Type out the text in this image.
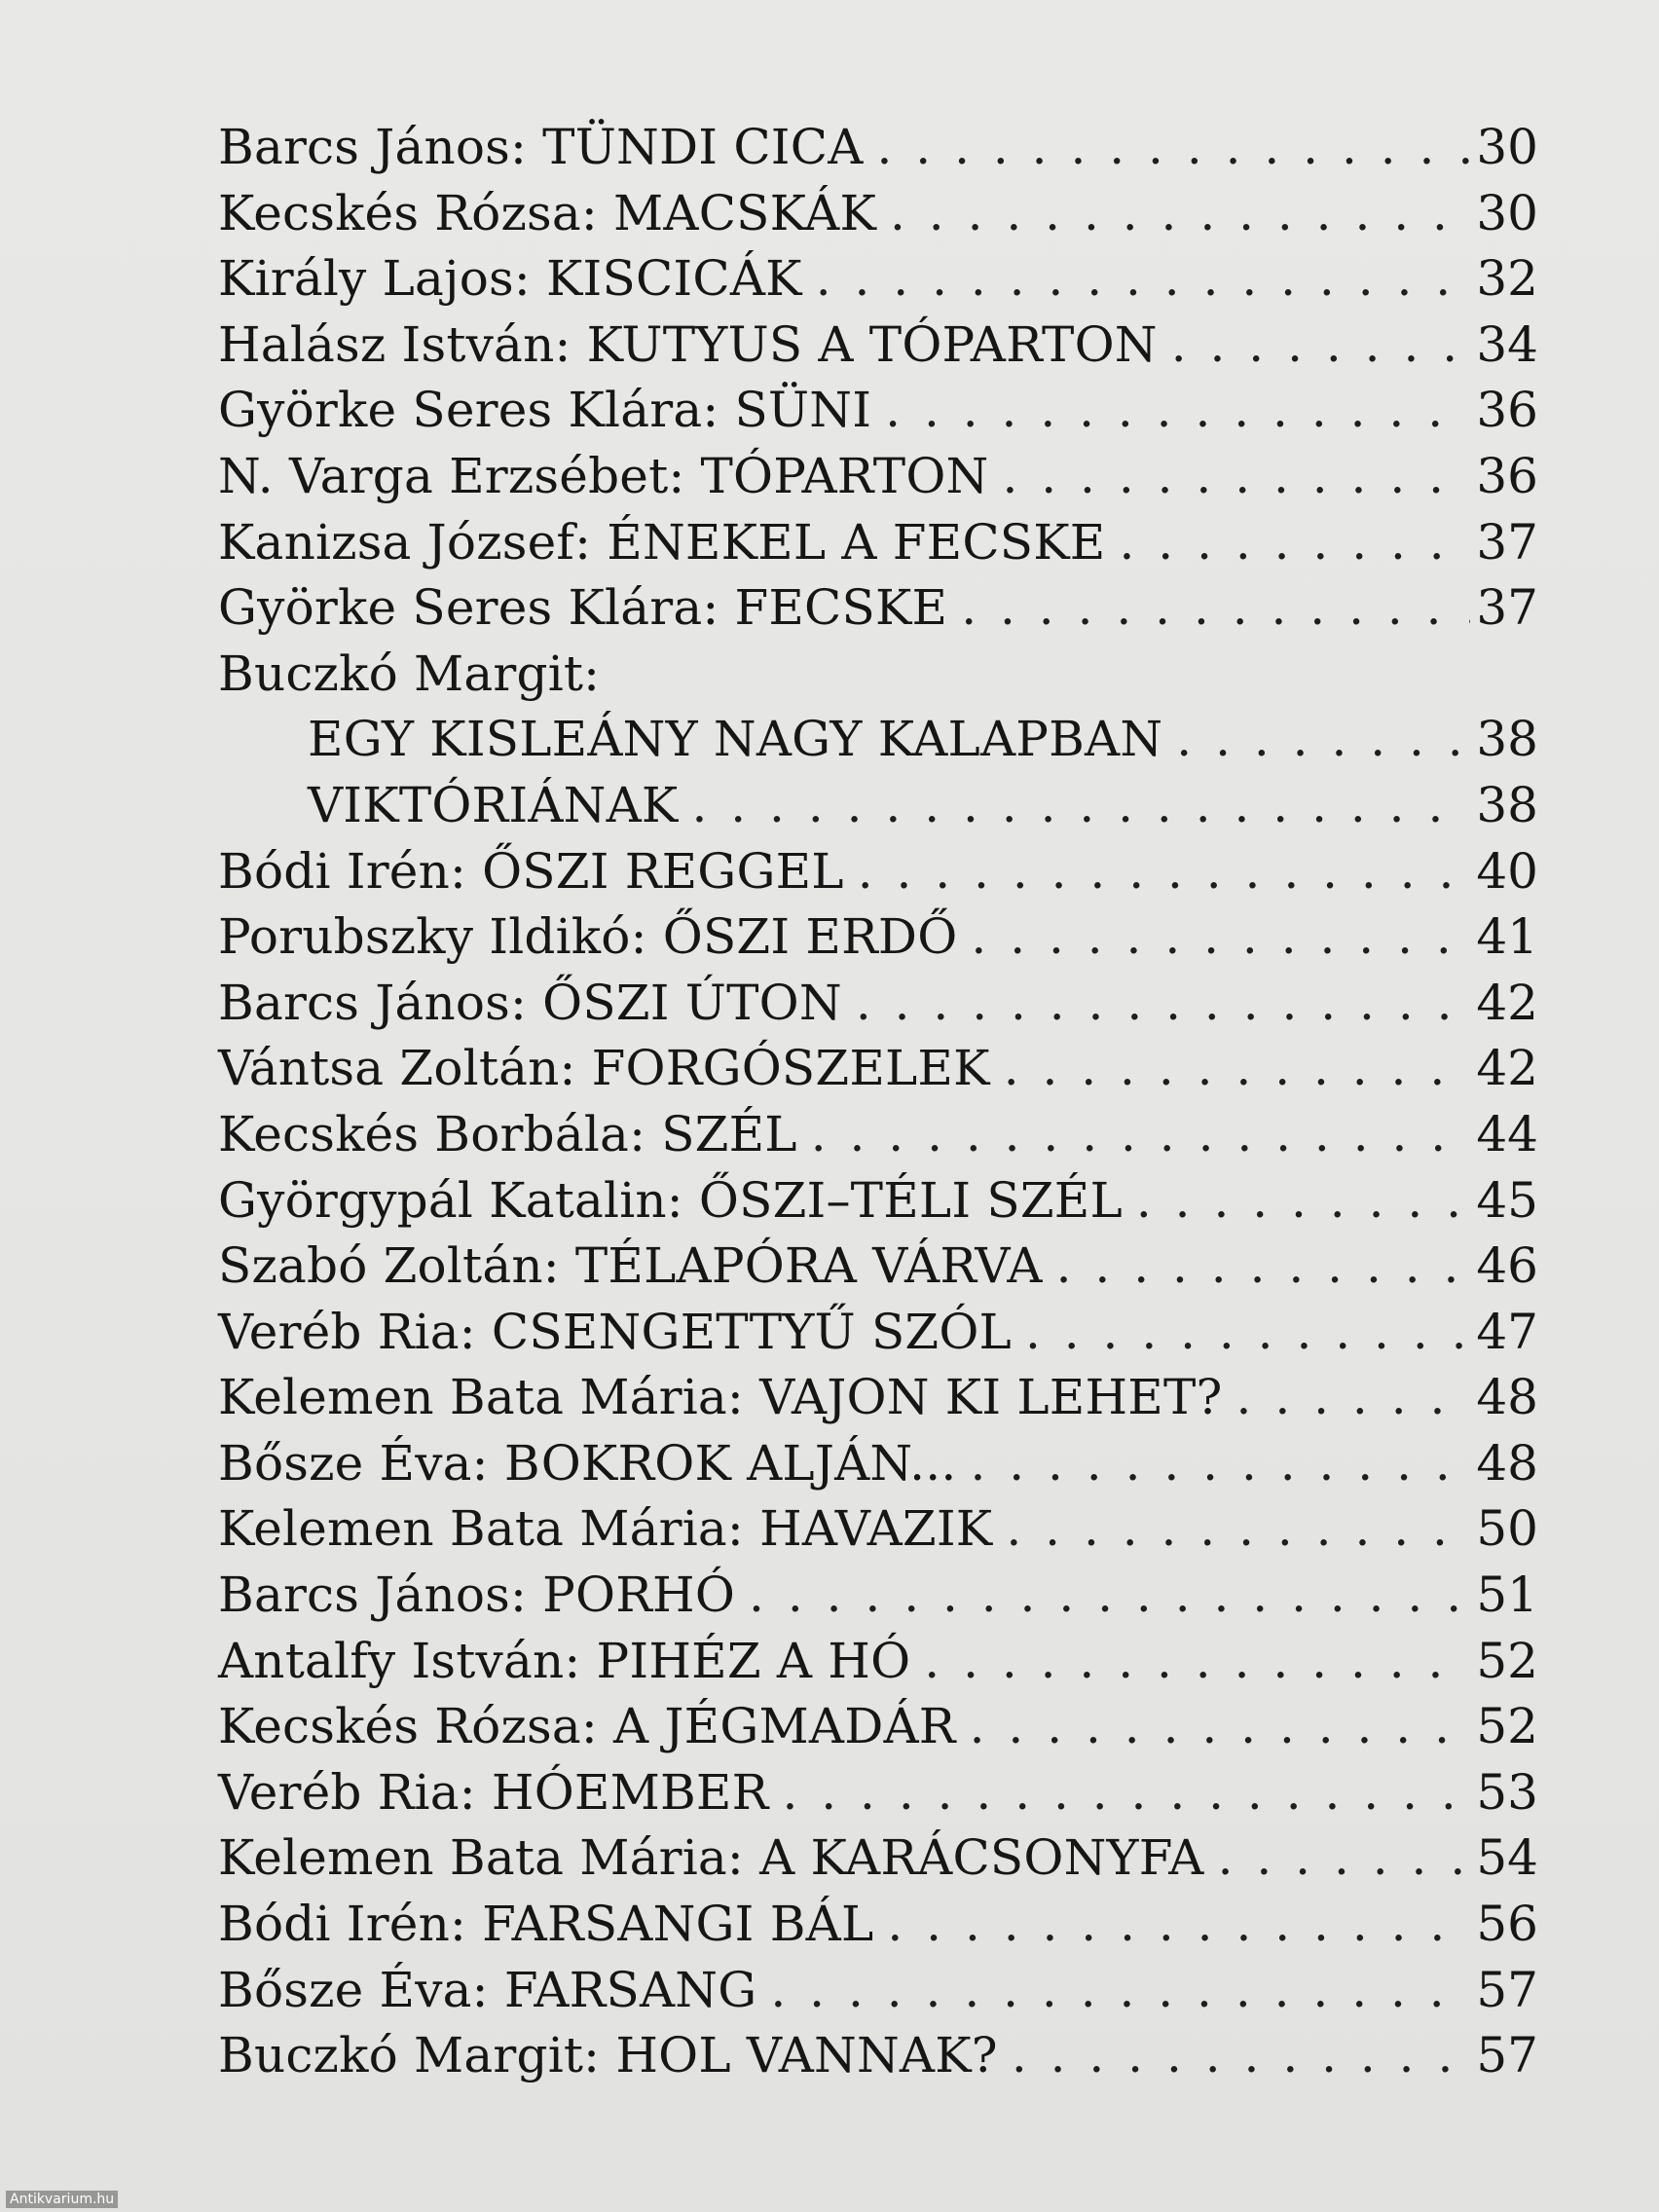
Barcs János: TÜNDI CICA . . .	30
Kecskés Rózsa: MACSKÁK . . .	30
Király Lajos: KISCICÁK . . .	32
Halász István: KUTYUS A TÓPARTON . . .	34
Györke Seres Klára: SÜNI . . .	36
N. Varga Erzsébet: TÓPARTON . . .	36
Kanizsa József: ÉNEKEL A FECSKE . . .	37
Györke Seres Klára: FECSKE . . .	37
Buczkó Margit:
EGY KISLEÁNY NAGY KALAPBAN . . .	38
VIKTÓRIÁNAK . . .	38
Bódi Irén: ŐSZI REGGEL . . .	40
Porubszky Ildikó: ŐSZI ERDŐ . . .	41
Barcs János: ŐSZI ÚTON . . .	42
Vántsa Zoltán: FORGÓSZELEK . . .	42
Kecskés Borbála: SZÉL . . .	44
Györgypál Katalin: ŐSZI–TÉLI SZÉL . . .	45
Szabó Zoltán: TÉLAPÓRA VÁRVA . . .	46
Veréb Ria: CSENGETTYŰ SZÓL . . .	47
Kelemen Bata Mária: VAJON KI LEHET? . . .	48
Bősze Éva: BOKROK ALJÁN... . . .	48
Kelemen Bata Mária: HAVAZIK . . .	50
Barcs János: PORHÓ . . .	51
Antalfy István: PIHÉZ A HÓ . . .	52
Kecskés Rózsa: A JÉGMADÁR . . .	52
Veréb Ria: HÓEMBER . . .	53
Kelemen Bata Mária: A KARÁCSONYFA . . .	54
Bódi Irén: FARSANGI BÁL . . .	56
Bősze Éva: FARSANG . . .	57
Buczkó Margit: HOL VANNAK? . . .	57
Antikvarium.hu
